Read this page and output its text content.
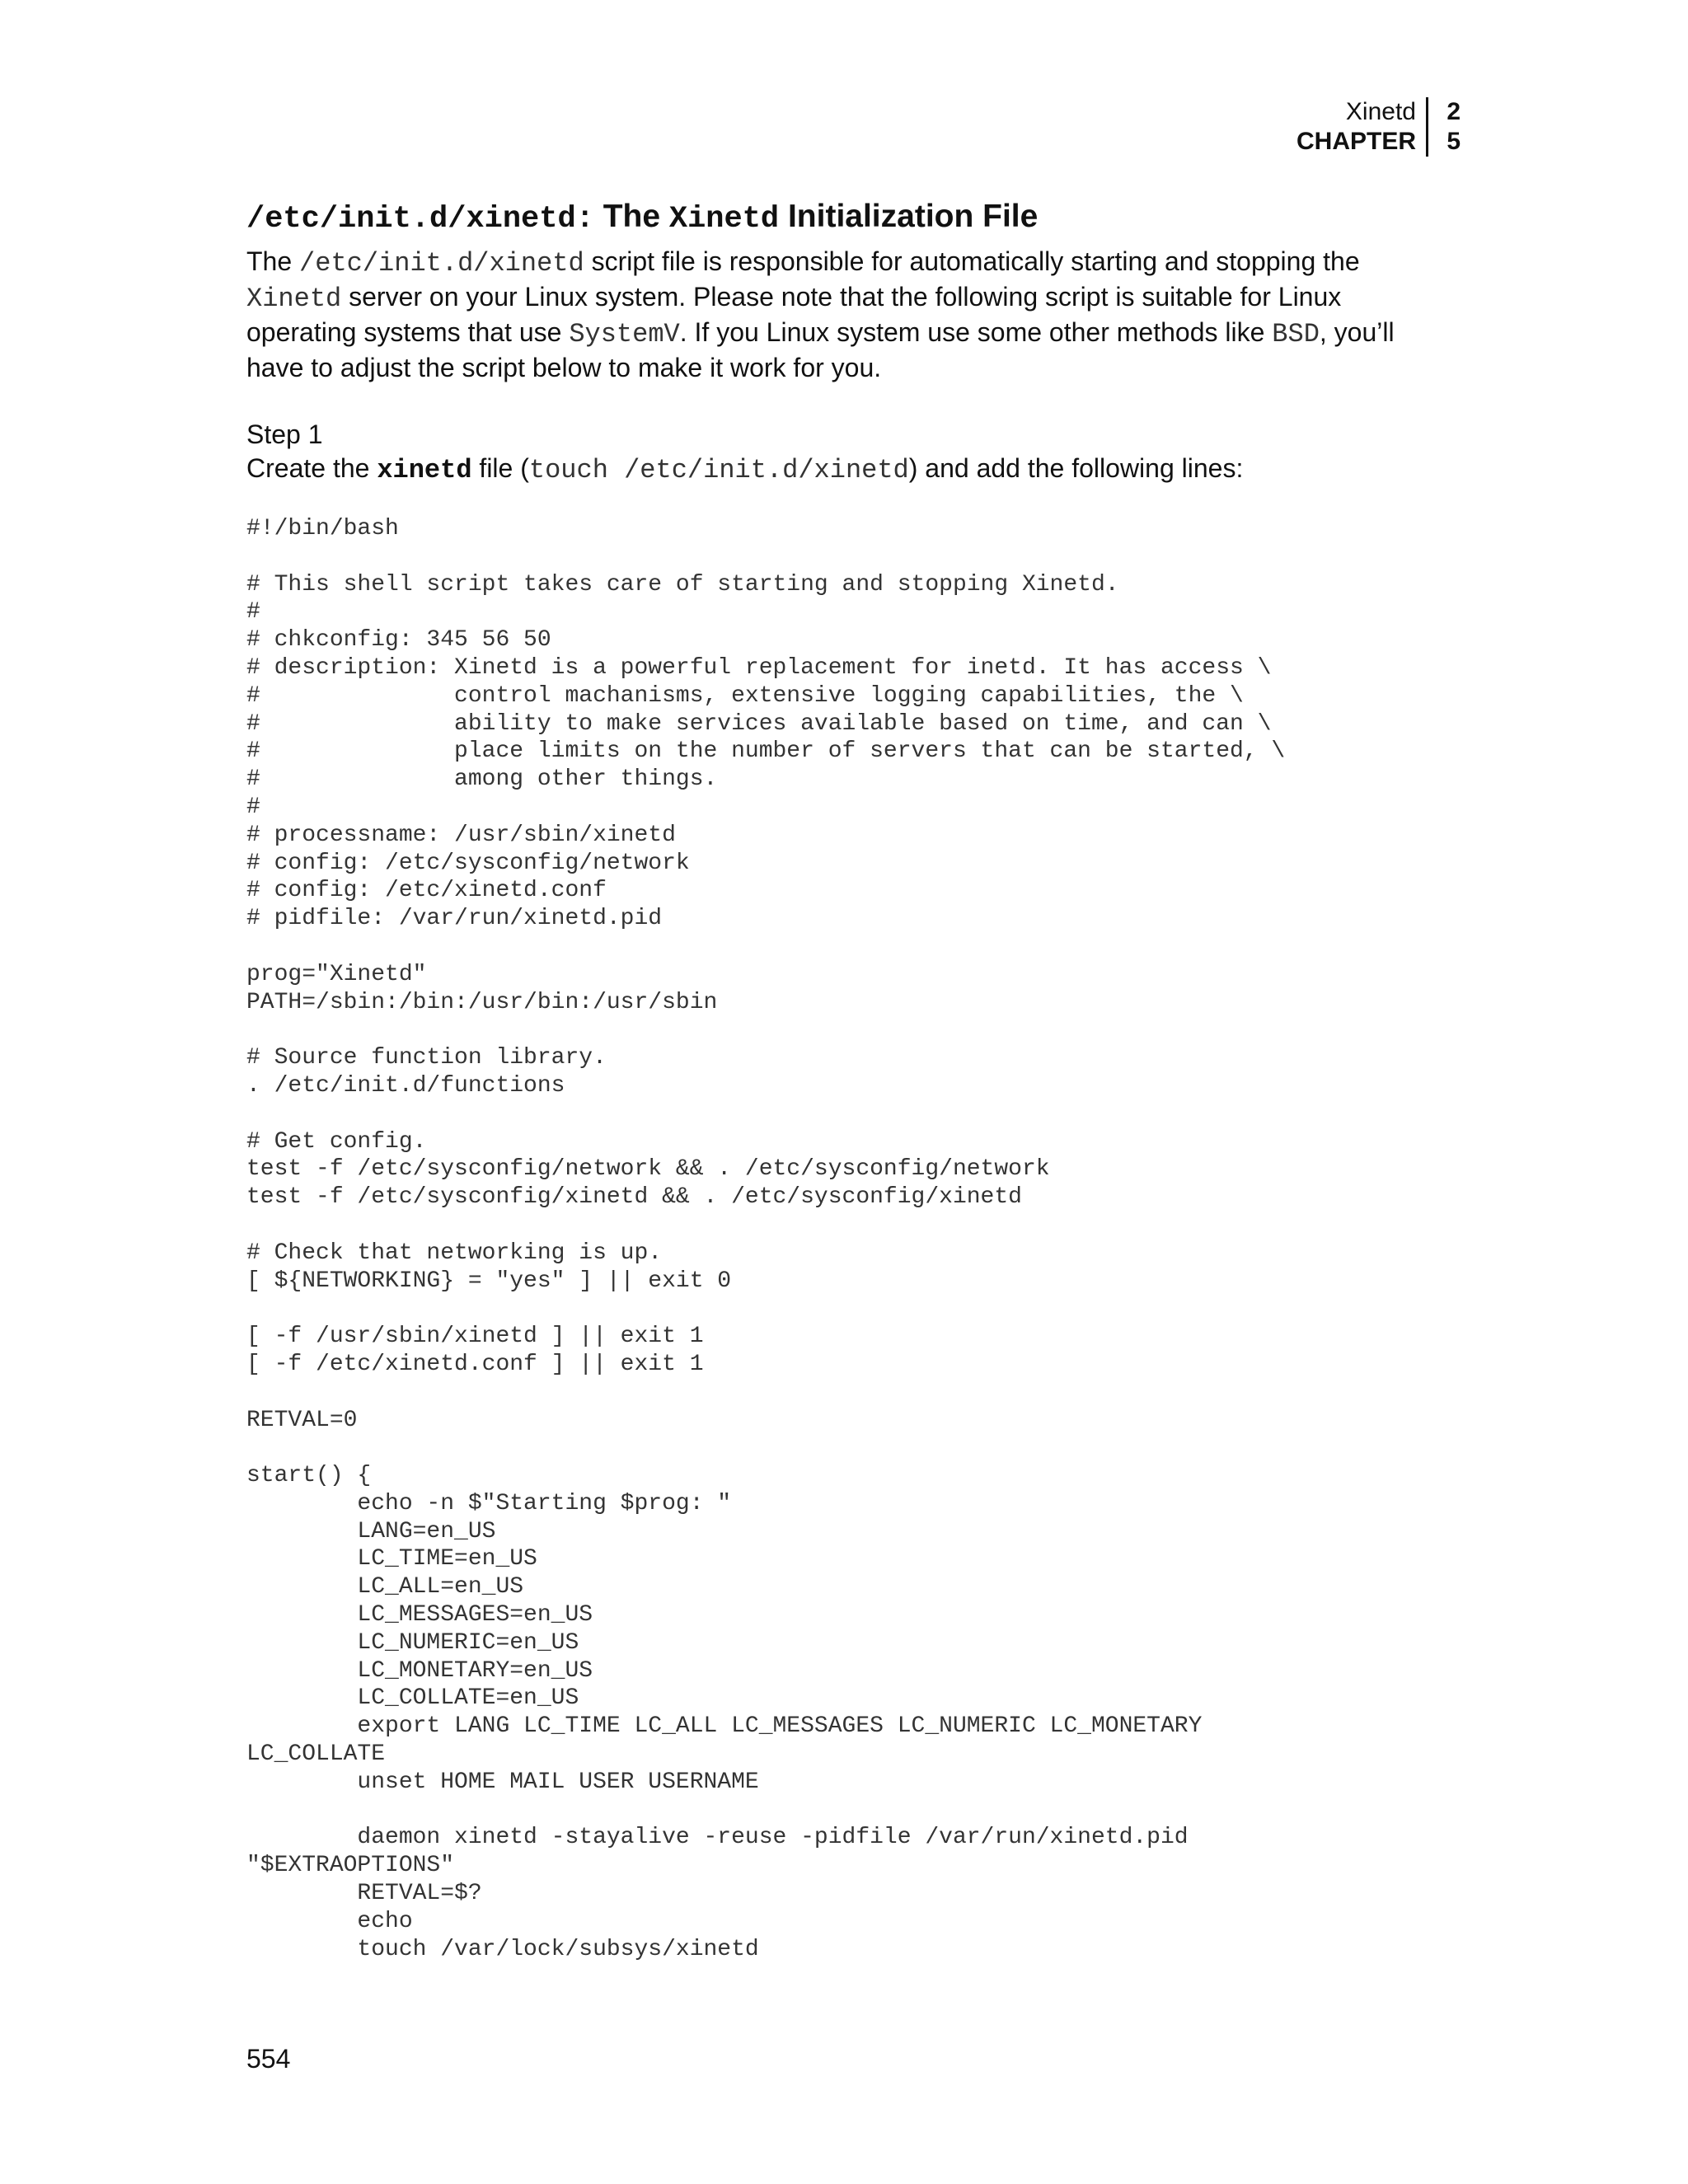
Xinetd
CHAPTER
2
5
/etc/init.d/xinetd: The Xinetd Initialization File

The /etc/init.d/xinetd script file is responsible for automatically starting and stopping the Xinetd server on your Linux system. Please note that the following script is suitable for Linux operating systems that use SystemV. If you Linux system use some other methods like BSD, you’ll have to adjust the script below to make it work for you.

Step 1

Create the xinetd file (touch /etc/init.d/xinetd) and add the following lines:

#!/bin/bash

# This shell script takes care of starting and stopping Xinetd.
#
# chkconfig: 345 56 50
# description: Xinetd is a powerful replacement for inetd. It has access \
#              control machanisms, extensive logging capabilities, the \
#              ability to make services available based on time, and can \
#              place limits on the number of servers that can be started, \
#              among other things.
#
# processname: /usr/sbin/xinetd
# config: /etc/sysconfig/network
# config: /etc/xinetd.conf
# pidfile: /var/run/xinetd.pid

prog="Xinetd"
PATH=/sbin:/bin:/usr/bin:/usr/sbin

# Source function library.
. /etc/init.d/functions

# Get config.
test -f /etc/sysconfig/network && . /etc/sysconfig/network
test -f /etc/sysconfig/xinetd && . /etc/sysconfig/xinetd

# Check that networking is up.
[ ${NETWORKING} = "yes" ] || exit 0

[ -f /usr/sbin/xinetd ] || exit 1
[ -f /etc/xinetd.conf ] || exit 1

RETVAL=0

start() {
echo -n $"Starting $prog: "
LANG=en_US
LC_TIME=en_US
LC_ALL=en_US
LC_MESSAGES=en_US
LC_NUMERIC=en_US
LC_MONETARY=en_US
LC_COLLATE=en_US
export LANG LC_TIME LC_ALL LC_MESSAGES LC_NUMERIC LC_MONETARY
LC_COLLATE
unset HOME MAIL USER USERNAME

daemon xinetd -stayalive -reuse -pidfile /var/run/xinetd.pid
"$EXTRAOPTIONS"
RETVAL=$?
echo
touch /var/lock/subsys/xinetd
554
